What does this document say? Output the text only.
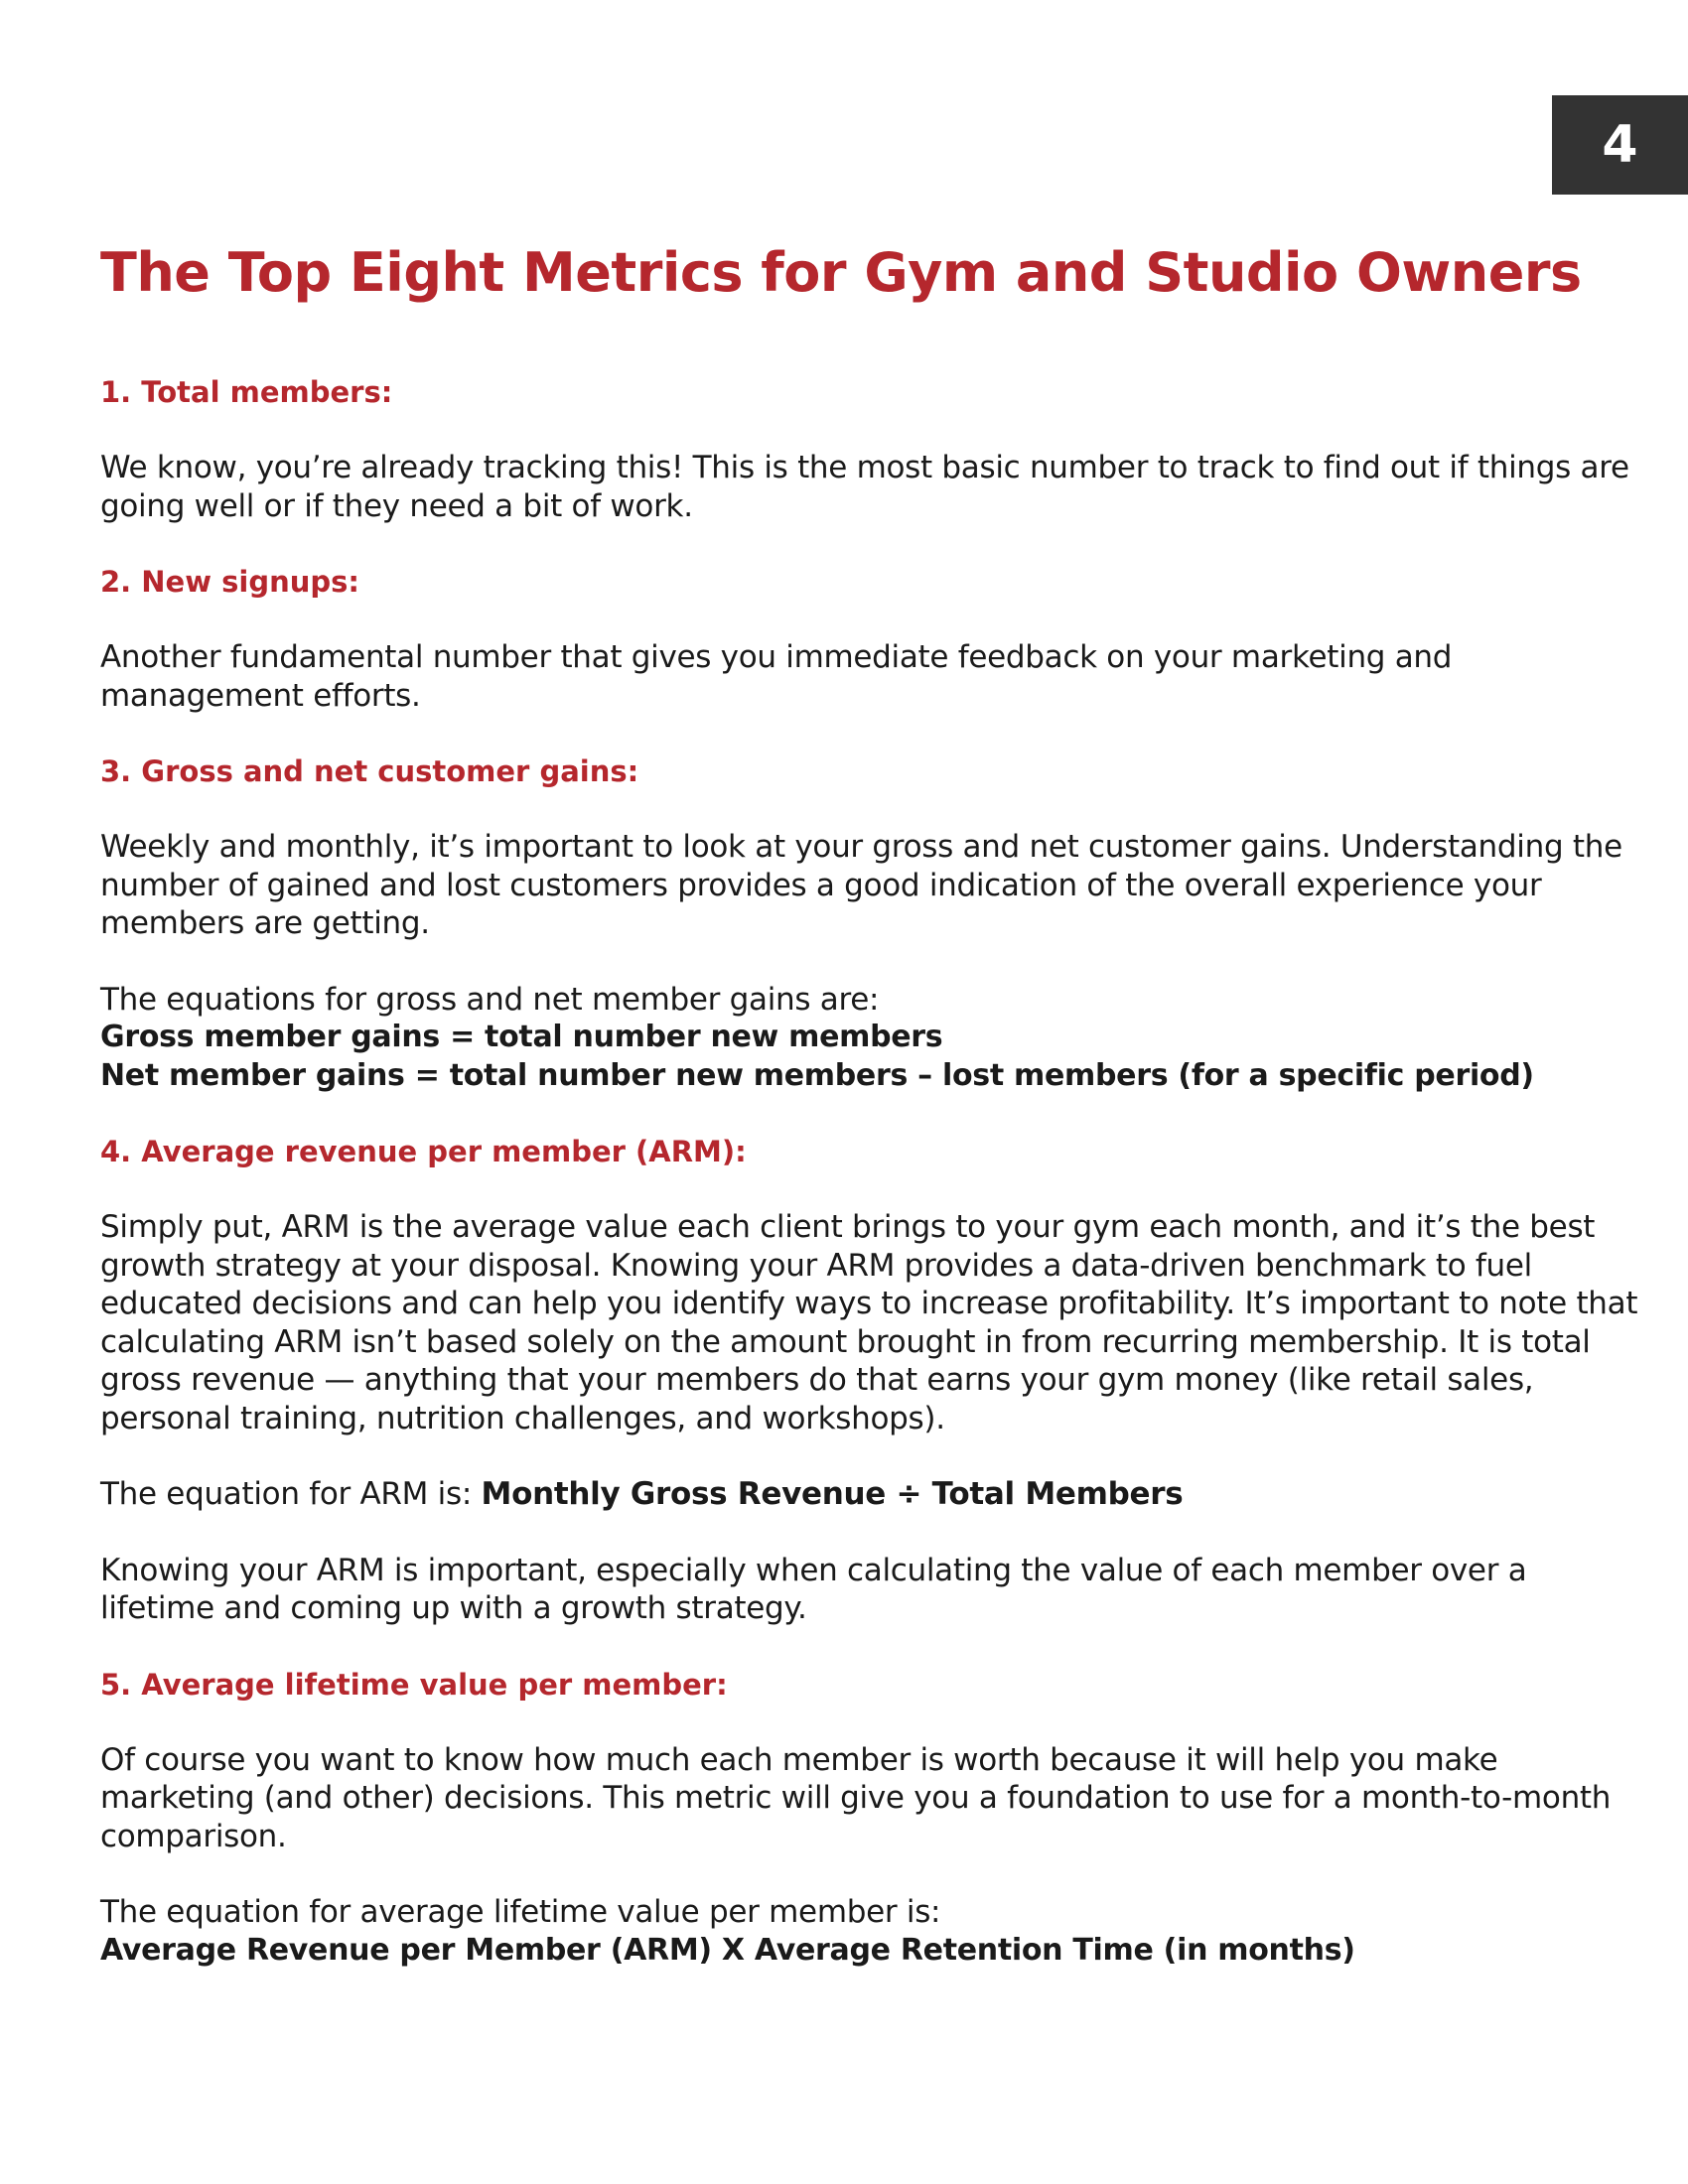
4
The Top Eight Metrics for Gym and Studio Owners
1. Total members:

We know, you’re already tracking this! This is the most basic number to track to find out if things are going well or if they need a bit of work.

2. New signups:

Another fundamental number that gives you immediate feedback on your marketing and management efforts.

3. Gross and net customer gains:

Weekly and monthly, it’s important to look at your gross and net customer gains. Understanding the number of gained and lost customers provides a good indication of the overall experience your members are getting.

The equations for gross and net member gains are:

Gross member gains = total number new members
Net member gains = total number new members – lost members (for a specific period)
4. Average revenue per member (ARM):

Simply put, ARM is the average value each client brings to your gym each month, and it’s the best growth strategy at your disposal. Knowing your ARM provides a data-driven benchmark to fuel educated decisions and can help you identify ways to increase profitability. It’s important to note that calculating ARM isn’t based solely on the amount brought in from recurring membership. It is total gross revenue — anything that your members do that earns your gym money (like retail sales, personal training, nutrition challenges, and workshops).

The equation for ARM is: Monthly Gross Revenue ÷ Total Members

Knowing your ARM is important, especially when calculating the value of each member over a lifetime and coming up with a growth strategy.

5. Average lifetime value per member:

Of course you want to know how much each member is worth because it will help you make marketing (and other) decisions. This metric will give you a foundation to use for a month-to-month comparison.

The equation for average lifetime value per member is:

Average Revenue per Member (ARM) X Average Retention Time (in months)
